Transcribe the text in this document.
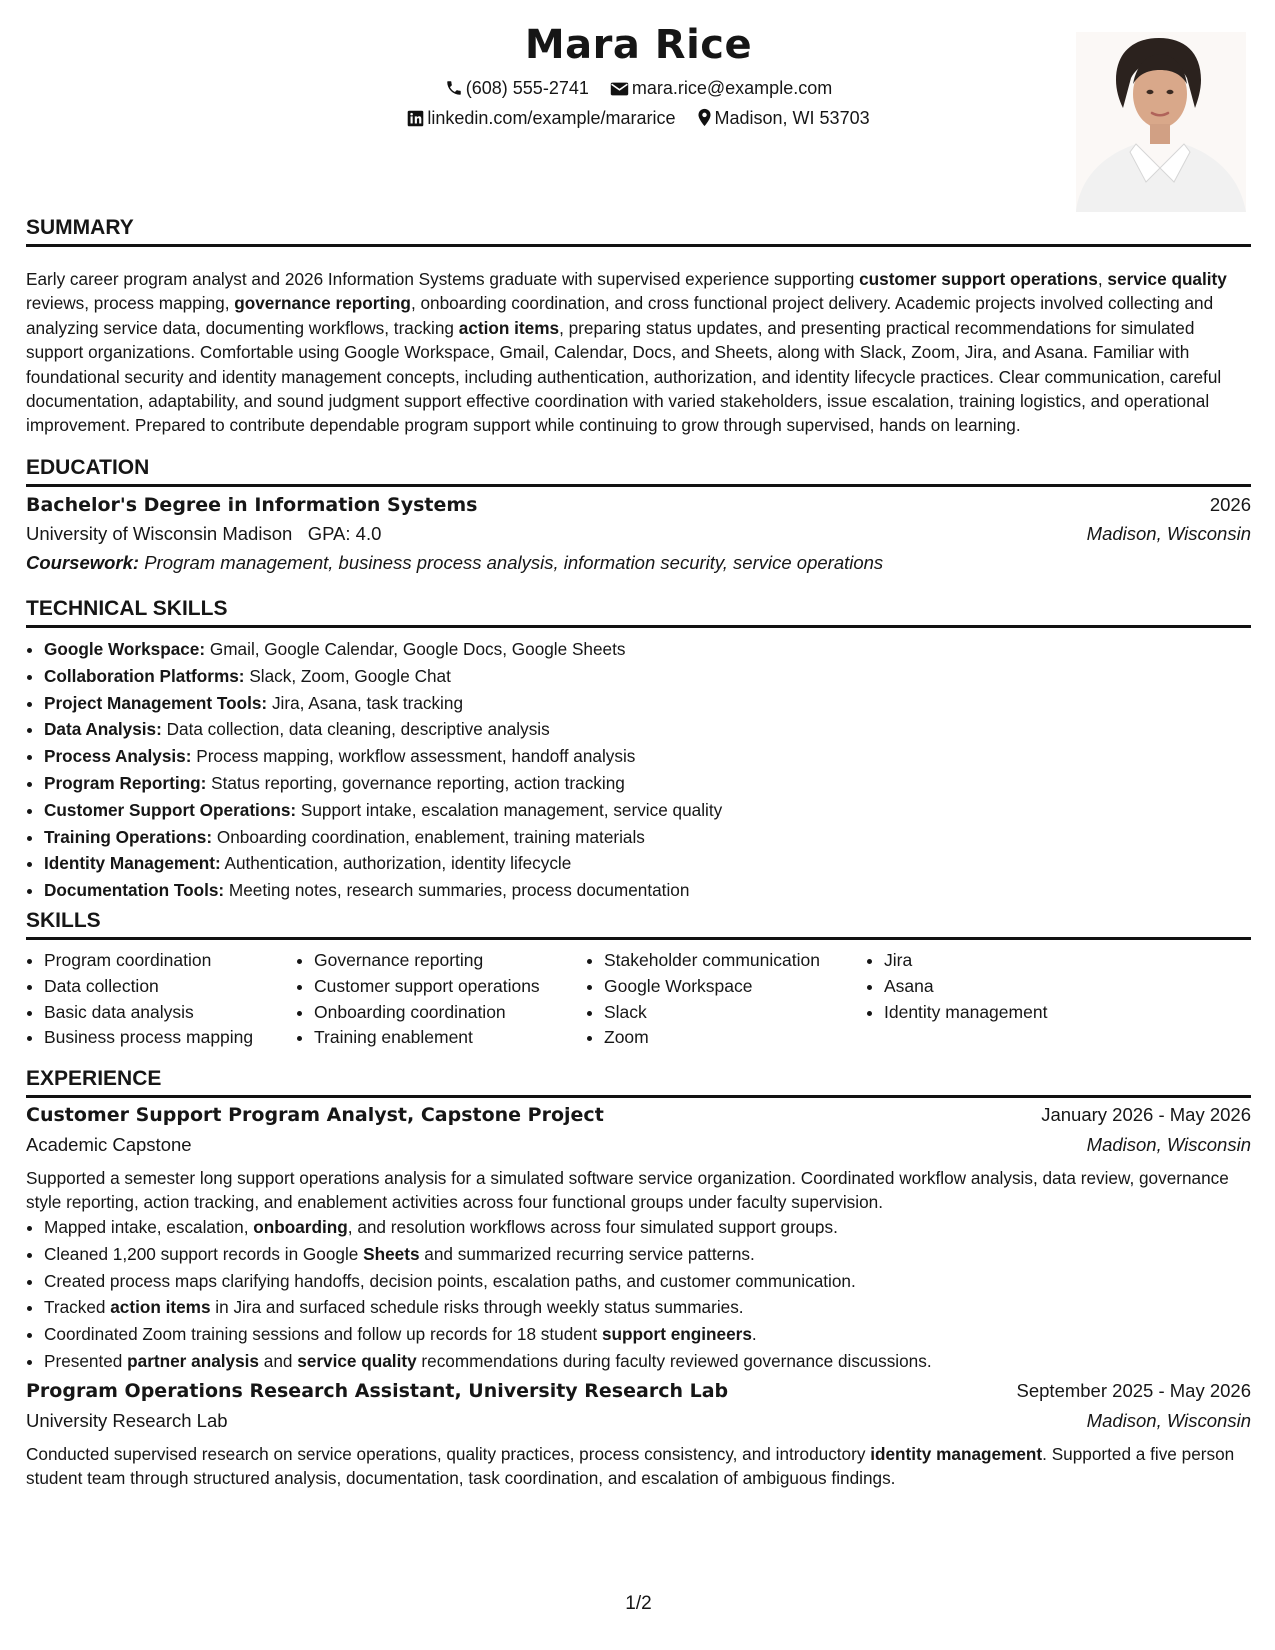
Mara Rice
(608) 555-2741 mara.rice@example.com
linkedin.com/example/mararice Madison, WI 53703
SUMMARY

Early career program analyst and 2026 Information Systems graduate with supervised experience supporting customer support operations, service quality reviews, process mapping, governance reporting, onboarding coordination, and cross functional project delivery. Academic projects involved collecting and analyzing service data, documenting workflows, tracking action items, preparing status updates, and presenting practical recommendations for simulated support organizations. Comfortable using Google Workspace, Gmail, Calendar, Docs, and Sheets, along with Slack, Zoom, Jira, and Asana. Familiar with foundational security and identity management concepts, including authentication, authorization, and identity lifecycle practices. Clear communication, careful documentation, adaptability, and sound judgment support effective coordination with varied stakeholders, issue escalation, training logistics, and operational improvement. Prepared to contribute dependable program support while continuing to grow through supervised, hands on learning.

EDUCATION
Bachelor's Degree in Information Systems	2026
University of Wisconsin Madison GPA: 4.0	Madison, Wisconsin
Coursework: Program management, business process analysis, information security, service operations
TECHNICAL SKILLS
• Google Workspace: Gmail, Google Calendar, Google Docs, Google Sheets
• Collaboration Platforms: Slack, Zoom, Google Chat
• Project Management Tools: Jira, Asana, task tracking
• Data Analysis: Data collection, data cleaning, descriptive analysis
• Process Analysis: Process mapping, workflow assessment, handoff analysis
• Program Reporting: Status reporting, governance reporting, action tracking
• Customer Support Operations: Support intake, escalation management, service quality
• Training Operations: Onboarding coordination, enablement, training materials
• Identity Management: Authentication, authorization, identity lifecycle
• Documentation Tools: Meeting notes, research summaries, process documentation
SKILLS
• Program coordination
• Data collection
• Basic data analysis
• Business process mapping
• Governance reporting
• Customer support operations
• Onboarding coordination
• Training enablement
• Stakeholder communication
• Google Workspace
• Slack
• Zoom
• Jira
• Asana
• Identity management
EXPERIENCE
Customer Support Program Analyst, Capstone Project	January 2026 - May 2026
Academic Capstone	Madison, Wisconsin

Supported a semester long support operations analysis for a simulated software service organization. Coordinated workflow analysis, data review, governance style reporting, action tracking, and enablement activities across four functional groups under faculty supervision.

• Mapped intake, escalation, onboarding, and resolution workflows across four simulated support groups.
• Cleaned 1,200 support records in Google Sheets and summarized recurring service patterns.
• Created process maps clarifying handoffs, decision points, escalation paths, and customer communication.
• Tracked action items in Jira and surfaced schedule risks through weekly status summaries.
• Coordinated Zoom training sessions and follow up records for 18 student support engineers.
• Presented partner analysis and service quality recommendations during faculty reviewed governance discussions.
Program Operations Research Assistant, University Research Lab	September 2025 - May 2026
University Research Lab	Madison, Wisconsin

Conducted supervised research on service operations, quality practices, process consistency, and introductory identity management. Supported a five person student team through structured analysis, documentation, task coordination, and escalation of ambiguous findings.

1/2
